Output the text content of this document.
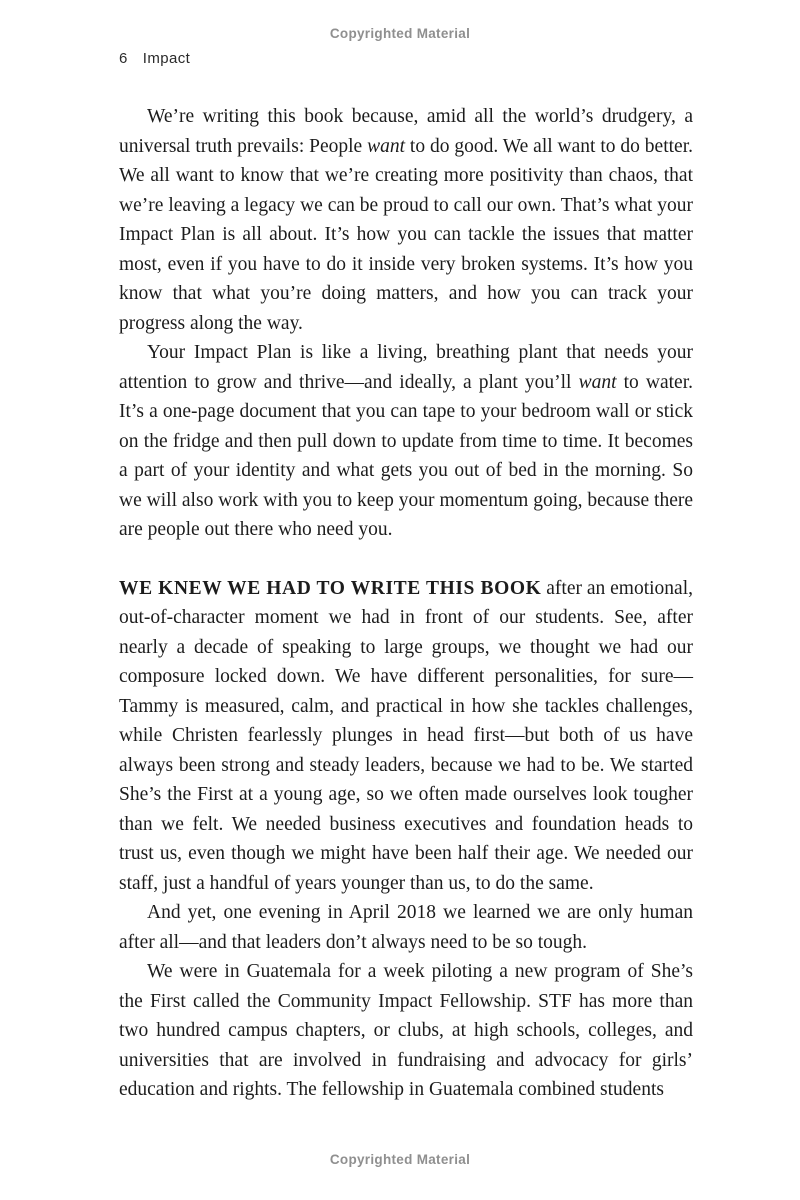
Copyrighted Material
6 Impact

We’re writing this book because, amid all the world’s drudgery, a universal truth prevails: People want to do good. We all want to do better. We all want to know that we’re creating more positivity than chaos, that we’re leaving a legacy we can be proud to call our own. That’s what your Impact Plan is all about. It’s how you can tackle the issues that matter most, even if you have to do it inside very broken systems. It’s how you know that what you’re doing matters, and how you can track your progress along the way.

Your Impact Plan is like a living, breathing plant that needs your attention to grow and thrive—and ideally, a plant you’ll want to water. It’s a one-page document that you can tape to your bedroom wall or stick on the fridge and then pull down to update from time to time. It becomes a part of your identity and what gets you out of bed in the morning. So we will also work with you to keep your momentum going, because there are people out there who need you.

WE KNEW WE HAD TO WRITE THIS BOOK after an emotional, out-of-character moment we had in front of our students. See, after nearly a decade of speaking to large groups, we thought we had our composure locked down. We have different personalities, for sure—Tammy is measured, calm, and practical in how she tackles challenges, while Christen fearlessly plunges in head first—but both of us have always been strong and steady leaders, because we had to be. We started She’s the First at a young age, so we often made ourselves look tougher than we felt. We needed business executives and foundation heads to trust us, even though we might have been half their age. We needed our staff, just a handful of years younger than us, to do the same.

And yet, one evening in April 2018 we learned we are only human after all—and that leaders don’t always need to be so tough.

We were in Guatemala for a week piloting a new program of She’s the First called the Community Impact Fellowship. STF has more than two hundred campus chapters, or clubs, at high schools, colleges, and universities that are involved in fundraising and advocacy for girls’ education and rights. The fellowship in Guatemala combined students

Copyrighted Material
